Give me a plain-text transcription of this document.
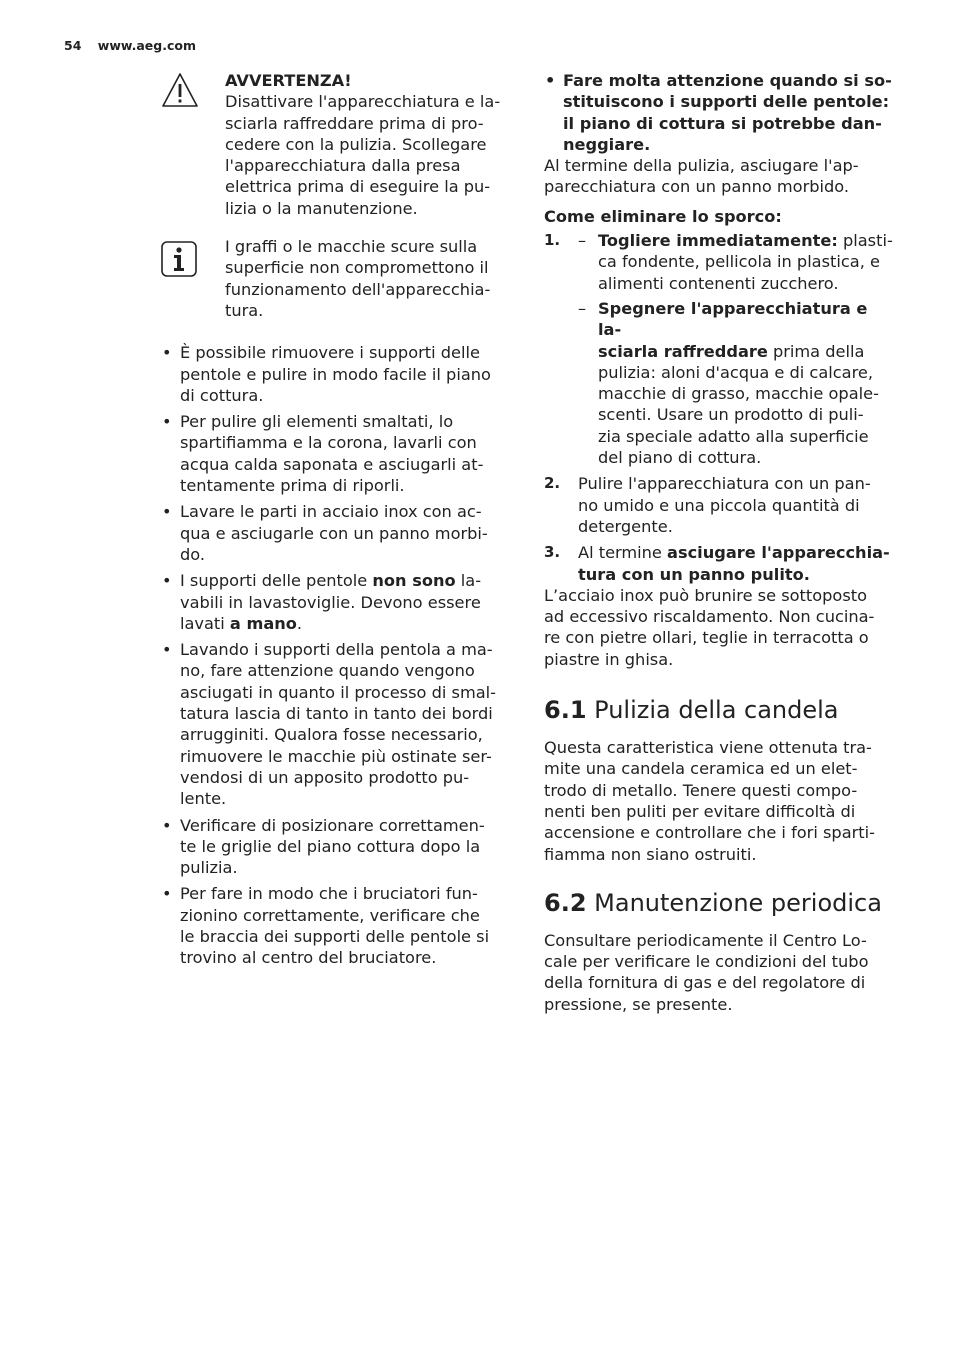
54 www.aeg.com

AVVERTENZA!

Disattivare l'apparecchiatura e la-
sciarla raffreddare prima di pro-
cedere con la pulizia. Scollegare
l'apparecchiatura dalla presa
elettrica prima di eseguire la pu-
lizia o la manutenzione.
I graffi o le macchie scure sulla
superficie non compromettono il
funzionamento dell'apparecchia-
tura.
• È possibile rimuovere i supporti delle
pentole e pulire in modo facile il piano
di cottura.
• Per pulire gli elementi smaltati, lo
spartifiamma e la corona, lavarli con
acqua calda saponata e asciugarli at-
tentamente prima di riporli.
• Lavare le parti in acciaio inox con ac-
qua e asciugarle con un panno morbi-
do.
• I supporti delle pentole non sono la-
vabili in lavastoviglie. Devono essere
lavati a mano.
• Lavando i supporti della pentola a ma-
no, fare attenzione quando vengono
asciugati in quanto il processo di smal-
tatura lascia di tanto in tanto dei bordi
arrugginiti. Qualora fosse necessario,
rimuovere le macchie più ostinate ser-
vendosi di un apposito prodotto pu-
lente.
• Verificare di posizionare correttamen-
te le griglie del piano cottura dopo la
pulizia.
• Per fare in modo che i bruciatori fun-
zionino correttamente, verificare che
le braccia dei supporti delle pentole si
trovino al centro del bruciatore.
• Fare molta attenzione quando si so-
stituiscono i supporti delle pentole:
il piano di cottura si potrebbe dan-
neggiare.
Al termine della pulizia, asciugare l'ap-
parecchiatura con un panno morbido.

Come eliminare lo sporco:

1. – Togliere immediatamente: plasti-
ca fondente, pellicola in plastica, e
alimenti contenenti zucchero.
– Spegnere l'apparecchiatura e la-
sciarla raffreddare prima della
pulizia: aloni d'acqua e di calcare,
macchie di grasso, macchie opale-
scenti. Usare un prodotto di puli-
zia speciale adatto alla superficie
del piano di cottura.
2. Pulire l'apparecchiatura con un pan-
no umido e una piccola quantità di
detergente.
3. Al termine asciugare l'apparecchia-
tura con un panno pulito.
L’acciaio inox può brunire se sottoposto
ad eccessivo riscaldamento. Non cucina-
re con pietre ollari, teglie in terracotta o
piastre in ghisa.
6.1 Pulizia della candela
Questa caratteristica viene ottenuta tra-
mite una candela ceramica ed un elet-
trodo di metallo. Tenere questi compo-
nenti ben puliti per evitare difficoltà di
accensione e controllare che i fori sparti-
fiamma non siano ostruiti.
6.2 Manutenzione periodica
Consultare periodicamente il Centro Lo-
cale per verificare le condizioni del tubo
della fornitura di gas e del regolatore di
pressione, se presente.
